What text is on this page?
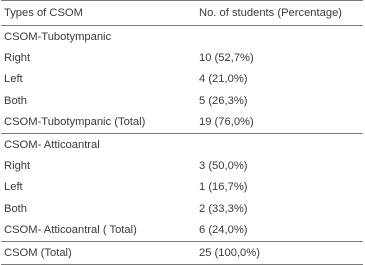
Types of CSOM	No. of students (Percentage)
CSOM-Tubotympanic	
Right	10 (52,7%)
Left	4 (21,0%)
Both	5 (26,3%)
CSOM-Tubotympanic (Total)	19 (76,0%)
CSOM- Atticoantral	
Right	3 (50,0%)
Left	1 (16,7%)
Both	2 (33,3%)
CSOM- Atticoantral ( Total)	6 (24,0%)
CSOM (Total)	25 (100,0%)
